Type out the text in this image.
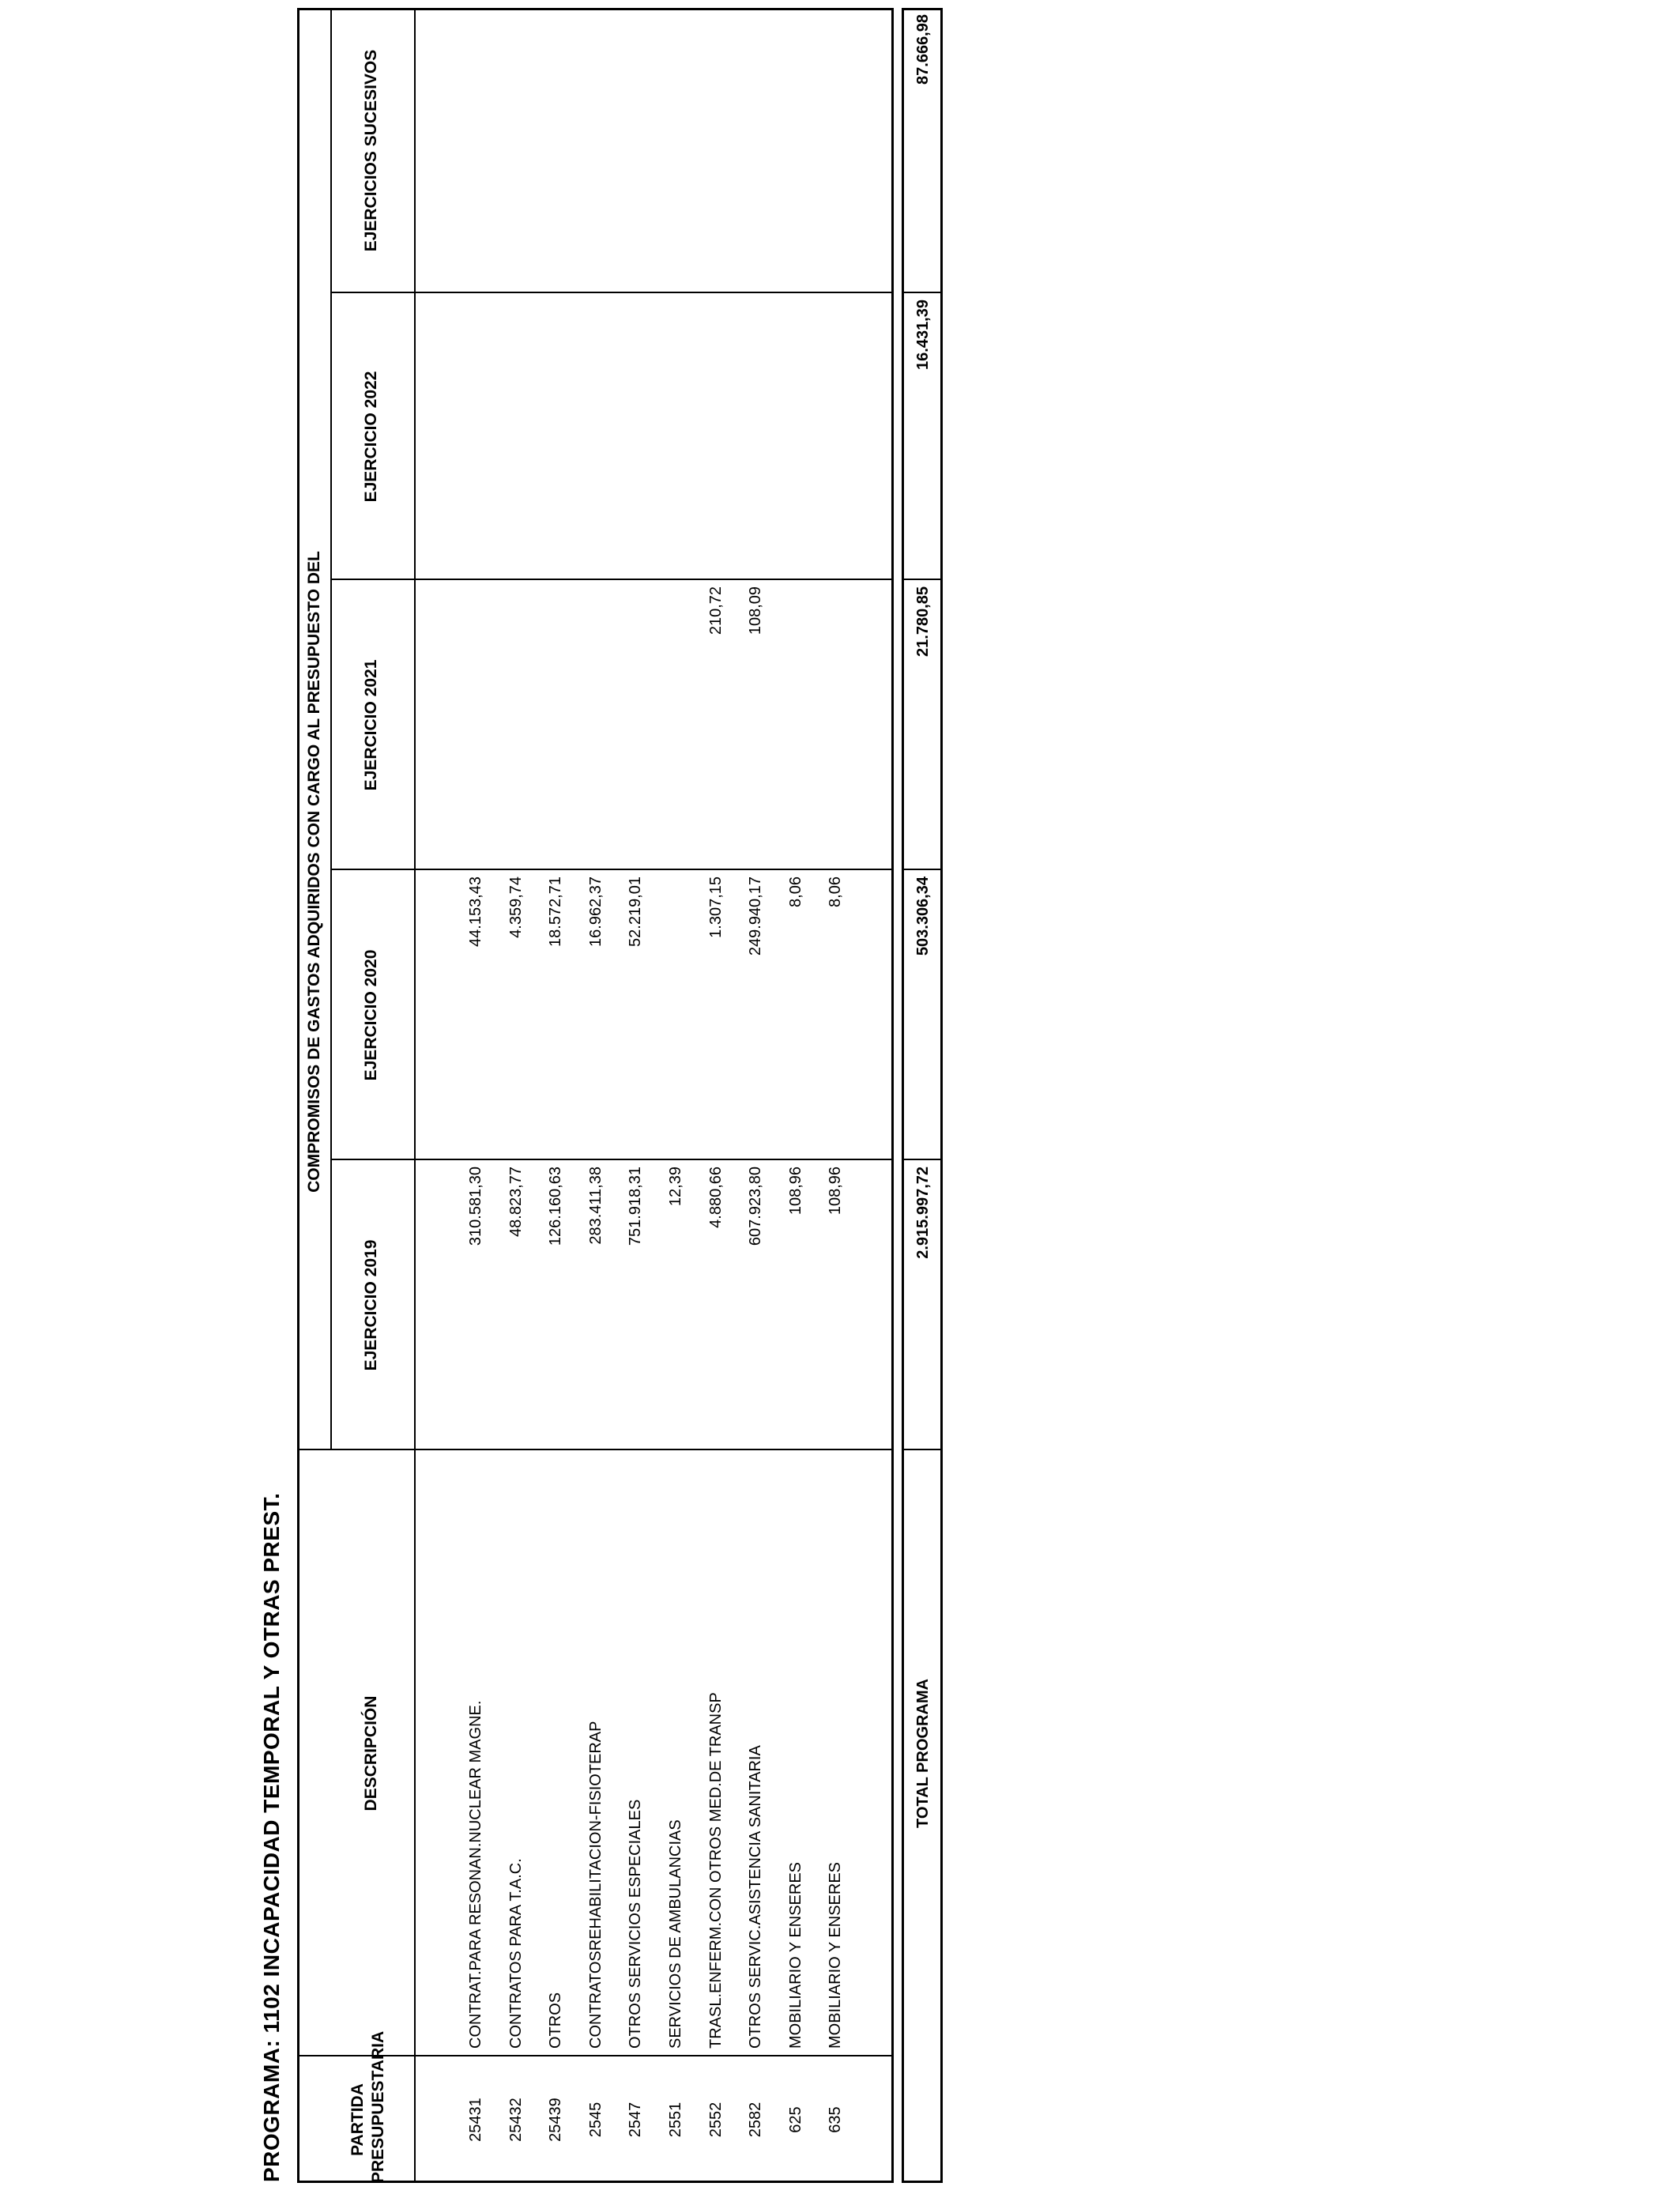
PROGRAMA: 1102 INCAPACIDAD TEMPORAL Y OTRAS PREST.	PARTIDA PRESUPUESTARIA
DESCRIPCIÓN
COMPROMISOS DE GASTOS ADQUIRIDOS CON CARGO AL PRESUPUESTO DEL
EJERCICIO 2019
EJERCICIO 2020
EJERCICIO 2021
EJERCICIO 2022
EJERCICIOS SUCESIVOS
25431
CONTRAT.PARA RESONAN.NUCLEAR MAGNE.
310.581,30
44.153,43
25432
CONTRATOS PARA T.A.C.
48.823,77
4.359,74
25439
OTROS
126.160,63
18.572,71
2545
CONTRATOSREHABILITACION-FISIOTERAP
283.411,38
16.962,37
2547
OTROS SERVICIOS ESPECIALES
751.918,31
52.219,01
2551
SERVICIOS DE AMBULANCIAS
12,39
2552
TRASL.ENFERM.CON OTROS MED.DE TRANSP
4.880,66
1.307,15
210,72
2582
OTROS SERVIC.ASISTENCIA SANITARIA
607.923,80
249.940,17
108,09
625
MOBILIARIO Y ENSERES
108,96
8,06
635
MOBILIARIO Y ENSERES
108,96
8,06
TOTAL PROGRAMA
2.915.997,72
503.306,34
21.780,85
16.431,39
87.666,98
